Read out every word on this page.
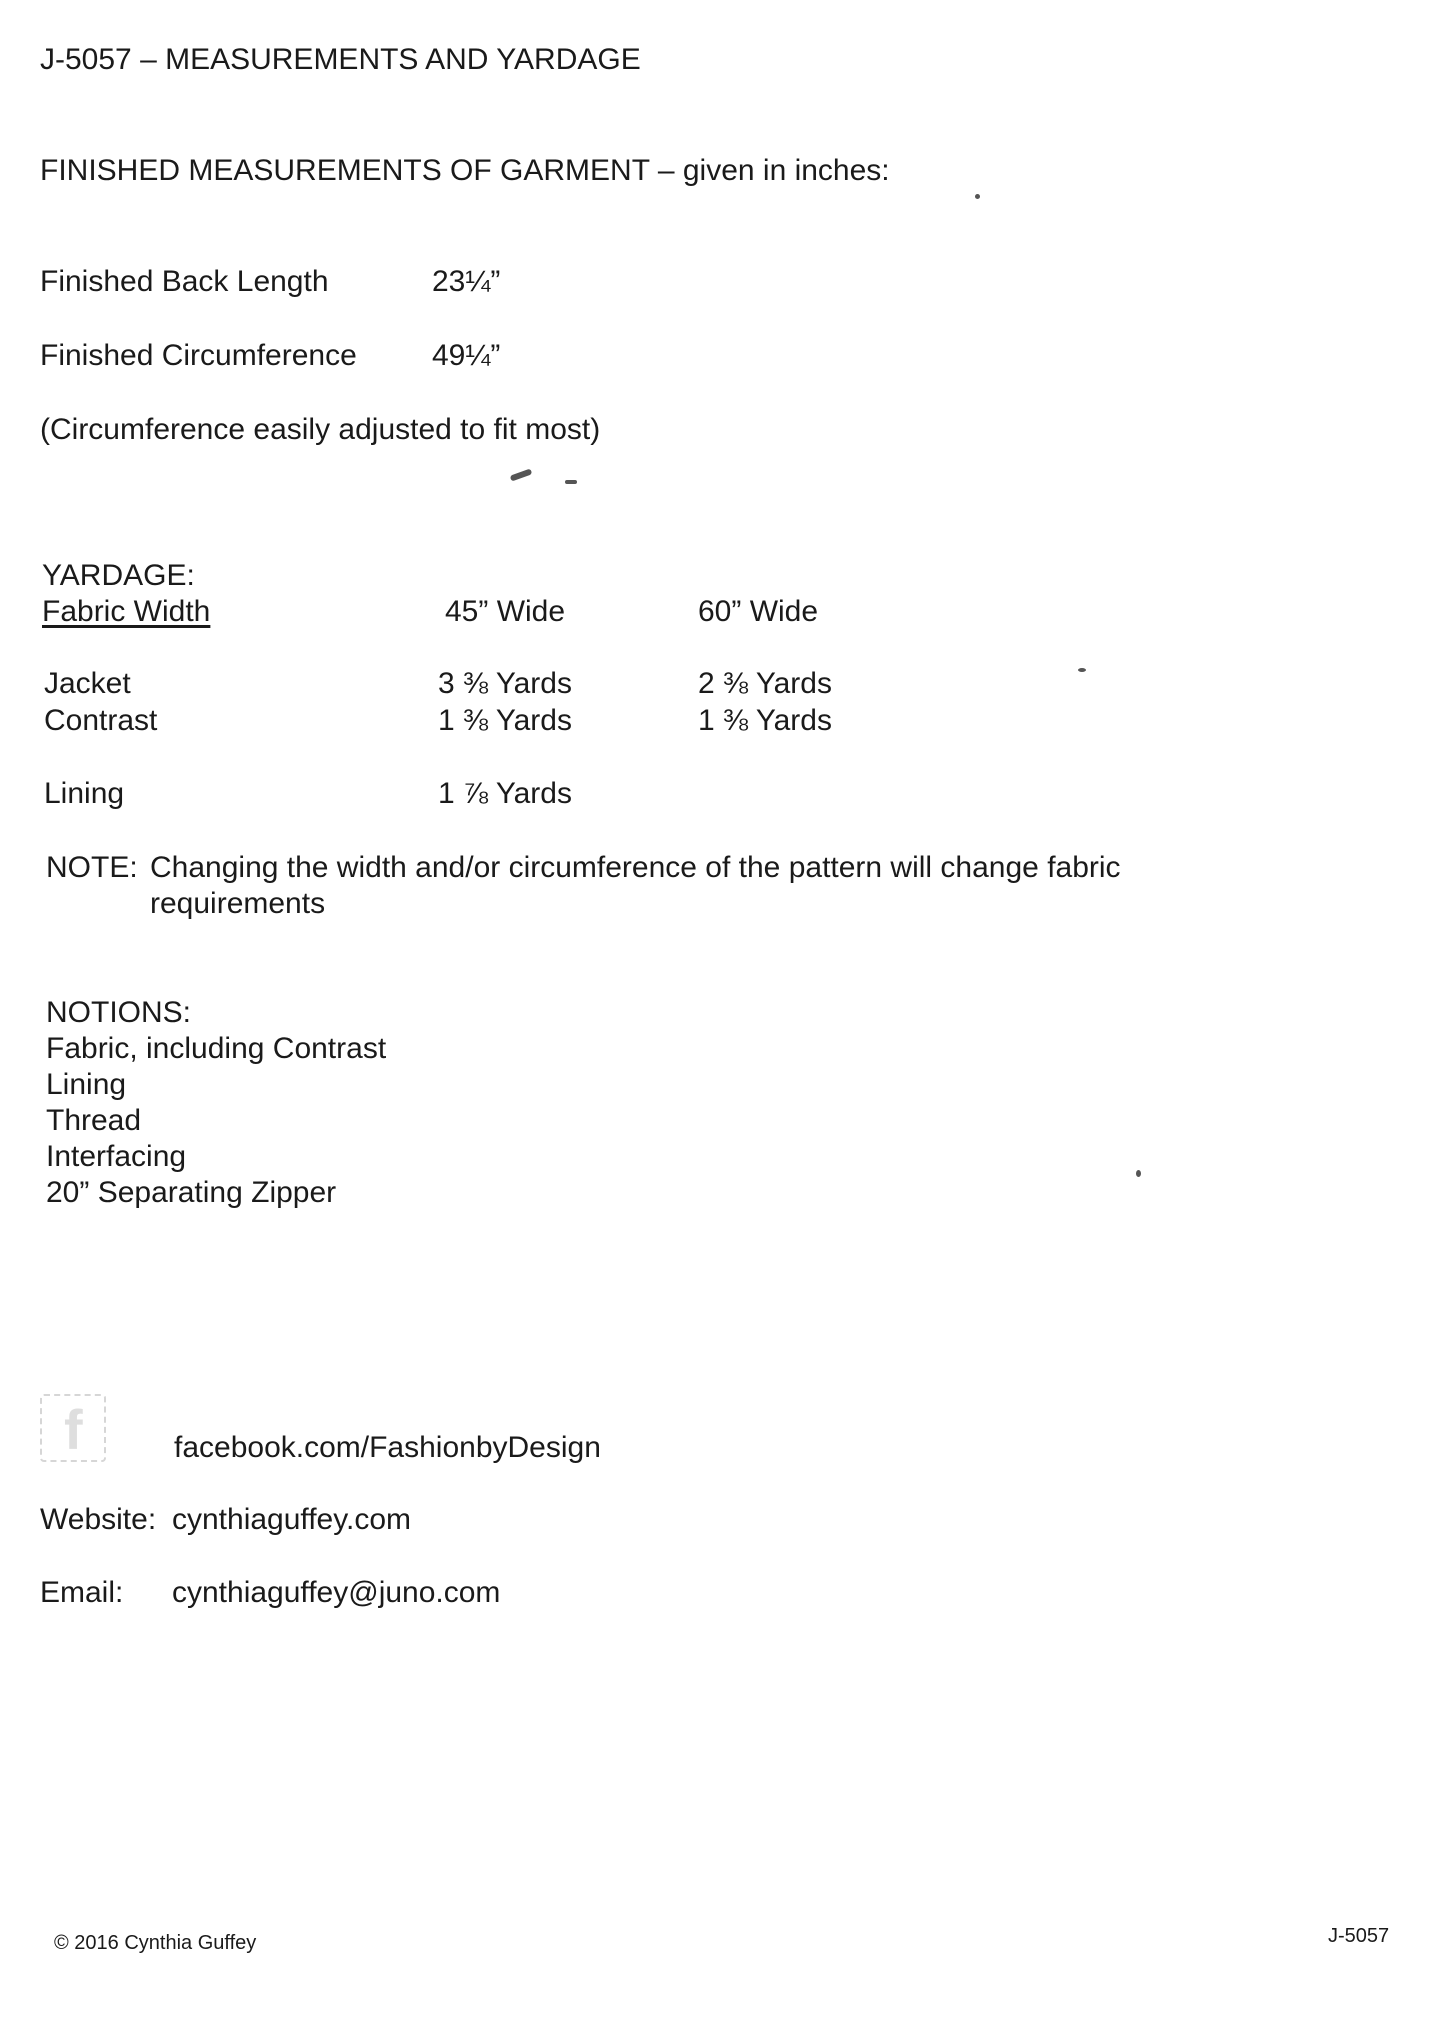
J-5057 – MEASUREMENTS AND YARDAGE
FINISHED MEASUREMENTS OF GARMENT – given in inches:
Finished Back Length	23¼”
Finished Circumference	49¼”
(Circumference easily adjusted to fit most)
YARDAGE:
Fabric Width	45” Wide	60” Wide
Jacket	3 ⅜ Yards	2 ⅜ Yards
Contrast	1 ⅜ Yards	1 ⅜ Yards
Lining	1 ⅞ Yards
NOTE: Changing the width and/or circumference of the pattern will change fabric
requirements
NOTIONS:
Fabric, including Contrast
Lining
Thread
Interfacing
20” Separating Zipper
f	facebook.com/FashionbyDesign
Website: cynthiaguffey.com
Email: cynthiaguffey@juno.com
© 2016 Cynthia Guffey	J-5057
